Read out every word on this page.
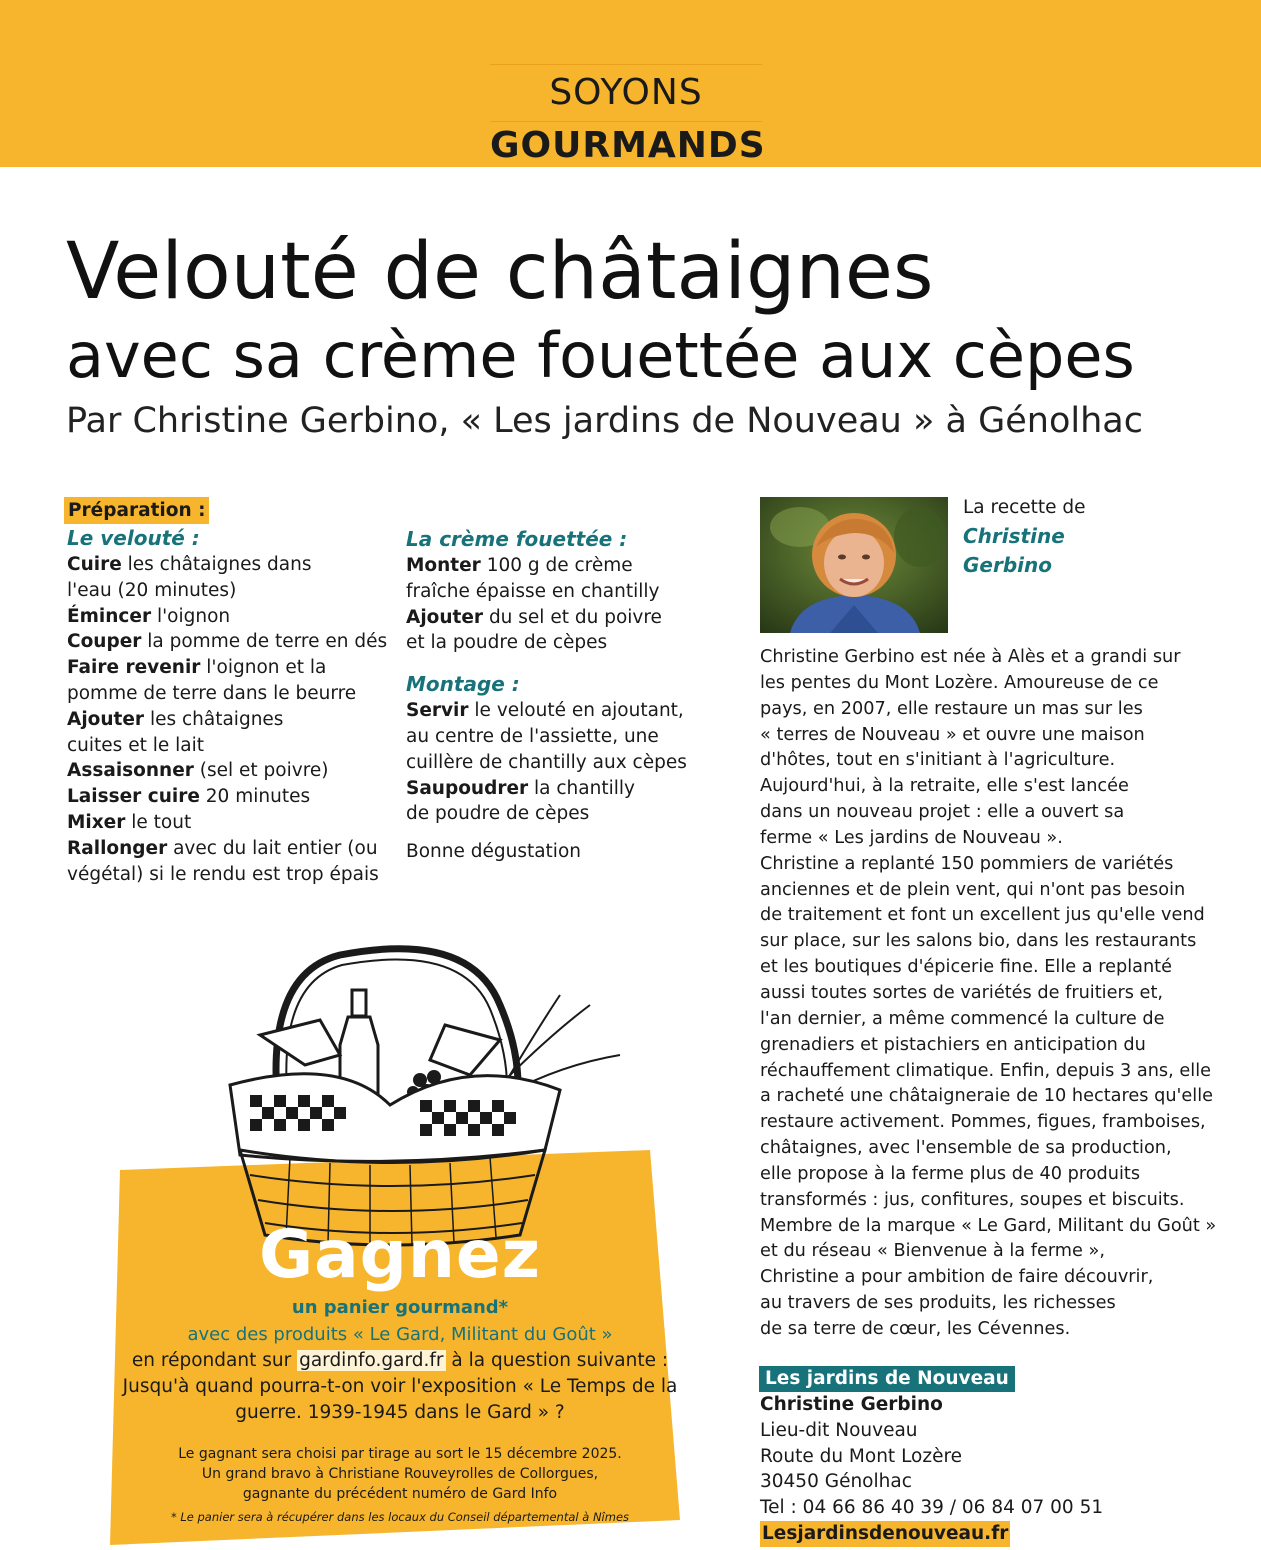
SOYONS
GOURMANDS
Velouté de châtaignes
avec sa crème fouettée aux cèpes
Par Christine Gerbino, « Les jardins de Nouveau » à Génolhac
Préparation :
Le velouté :
Cuire les châtaignes dans
l'eau (20 minutes)
Émincer l'oignon
Couper la pomme de terre en dés
Faire revenir l'oignon et la
pomme de terre dans le beurre
Ajouter les châtaignes
cuites et le lait
Assaisonner (sel et poivre)
Laisser cuire 20 minutes
Mixer le tout
Rallonger avec du lait entier (ou
végétal) si le rendu est trop épais
La crème fouettée :
Monter 100 g de crème
fraîche épaisse en chantilly
Ajouter du sel et du poivre
et la poudre de cèpes
Montage :
Servir le velouté en ajoutant,
au centre de l'assiette, une
cuillère de chantilly aux cèpes
Saupoudrer la chantilly
de poudre de cèpes
Bonne dégustation
La recette de
Christine
Gerbino
Christine Gerbino est née à Alès et a grandi sur
les pentes du Mont Lozère. Amoureuse de ce
pays, en 2007, elle restaure un mas sur les
« terres de Nouveau » et ouvre une maison
d'hôtes, tout en s'initiant à l'agriculture.
Aujourd'hui, à la retraite, elle s'est lancée
dans un nouveau projet : elle a ouvert sa
ferme « Les jardins de Nouveau ».
Christine a replanté 150 pommiers de variétés
anciennes et de plein vent, qui n'ont pas besoin
de traitement et font un excellent jus qu'elle vend
sur place, sur les salons bio, dans les restaurants
et les boutiques d'épicerie fine. Elle a replanté
aussi toutes sortes de variétés de fruitiers et,
l'an dernier, a même commencé la culture de
grenadiers et pistachiers en anticipation du
réchauffement climatique. Enfin, depuis 3 ans, elle
a racheté une châtaigneraie de 10 hectares qu'elle
restaure activement. Pommes, figues, framboises,
châtaignes, avec l'ensemble de sa production,
elle propose à la ferme plus de 40 produits
transformés : jus, confitures, soupes et biscuits.
Membre de la marque « Le Gard, Militant du Goût »
et du réseau « Bienvenue à la ferme »,
Christine a pour ambition de faire découvrir,
au travers de ses produits, les richesses
de sa terre de cœur, les Cévennes.
Les jardins de Nouveau
Christine Gerbino
Lieu-dit Nouveau
Route du Mont Lozère
30450 Génolhac
Tel : 04 66 86 40 39 / 06 84 07 00 51
Lesjardinsdenouveau.fr
Gagnez
un panier gourmand*
avec des produits « Le Gard, Militant du Goût »
en répondant sur gardinfo.gard.fr à la question suivante :
Jusqu'à quand pourra-t-on voir l'exposition « Le Temps de la
guerre. 1939-1945 dans le Gard » ?
Le gagnant sera choisi par tirage au sort le 15 décembre 2025.
Un grand bravo à Christiane Rouveyrolles de Collorgues,
gagnante du précédent numéro de Gard Info
* Le panier sera à récupérer dans les locaux du Conseil départemental à Nîmes
